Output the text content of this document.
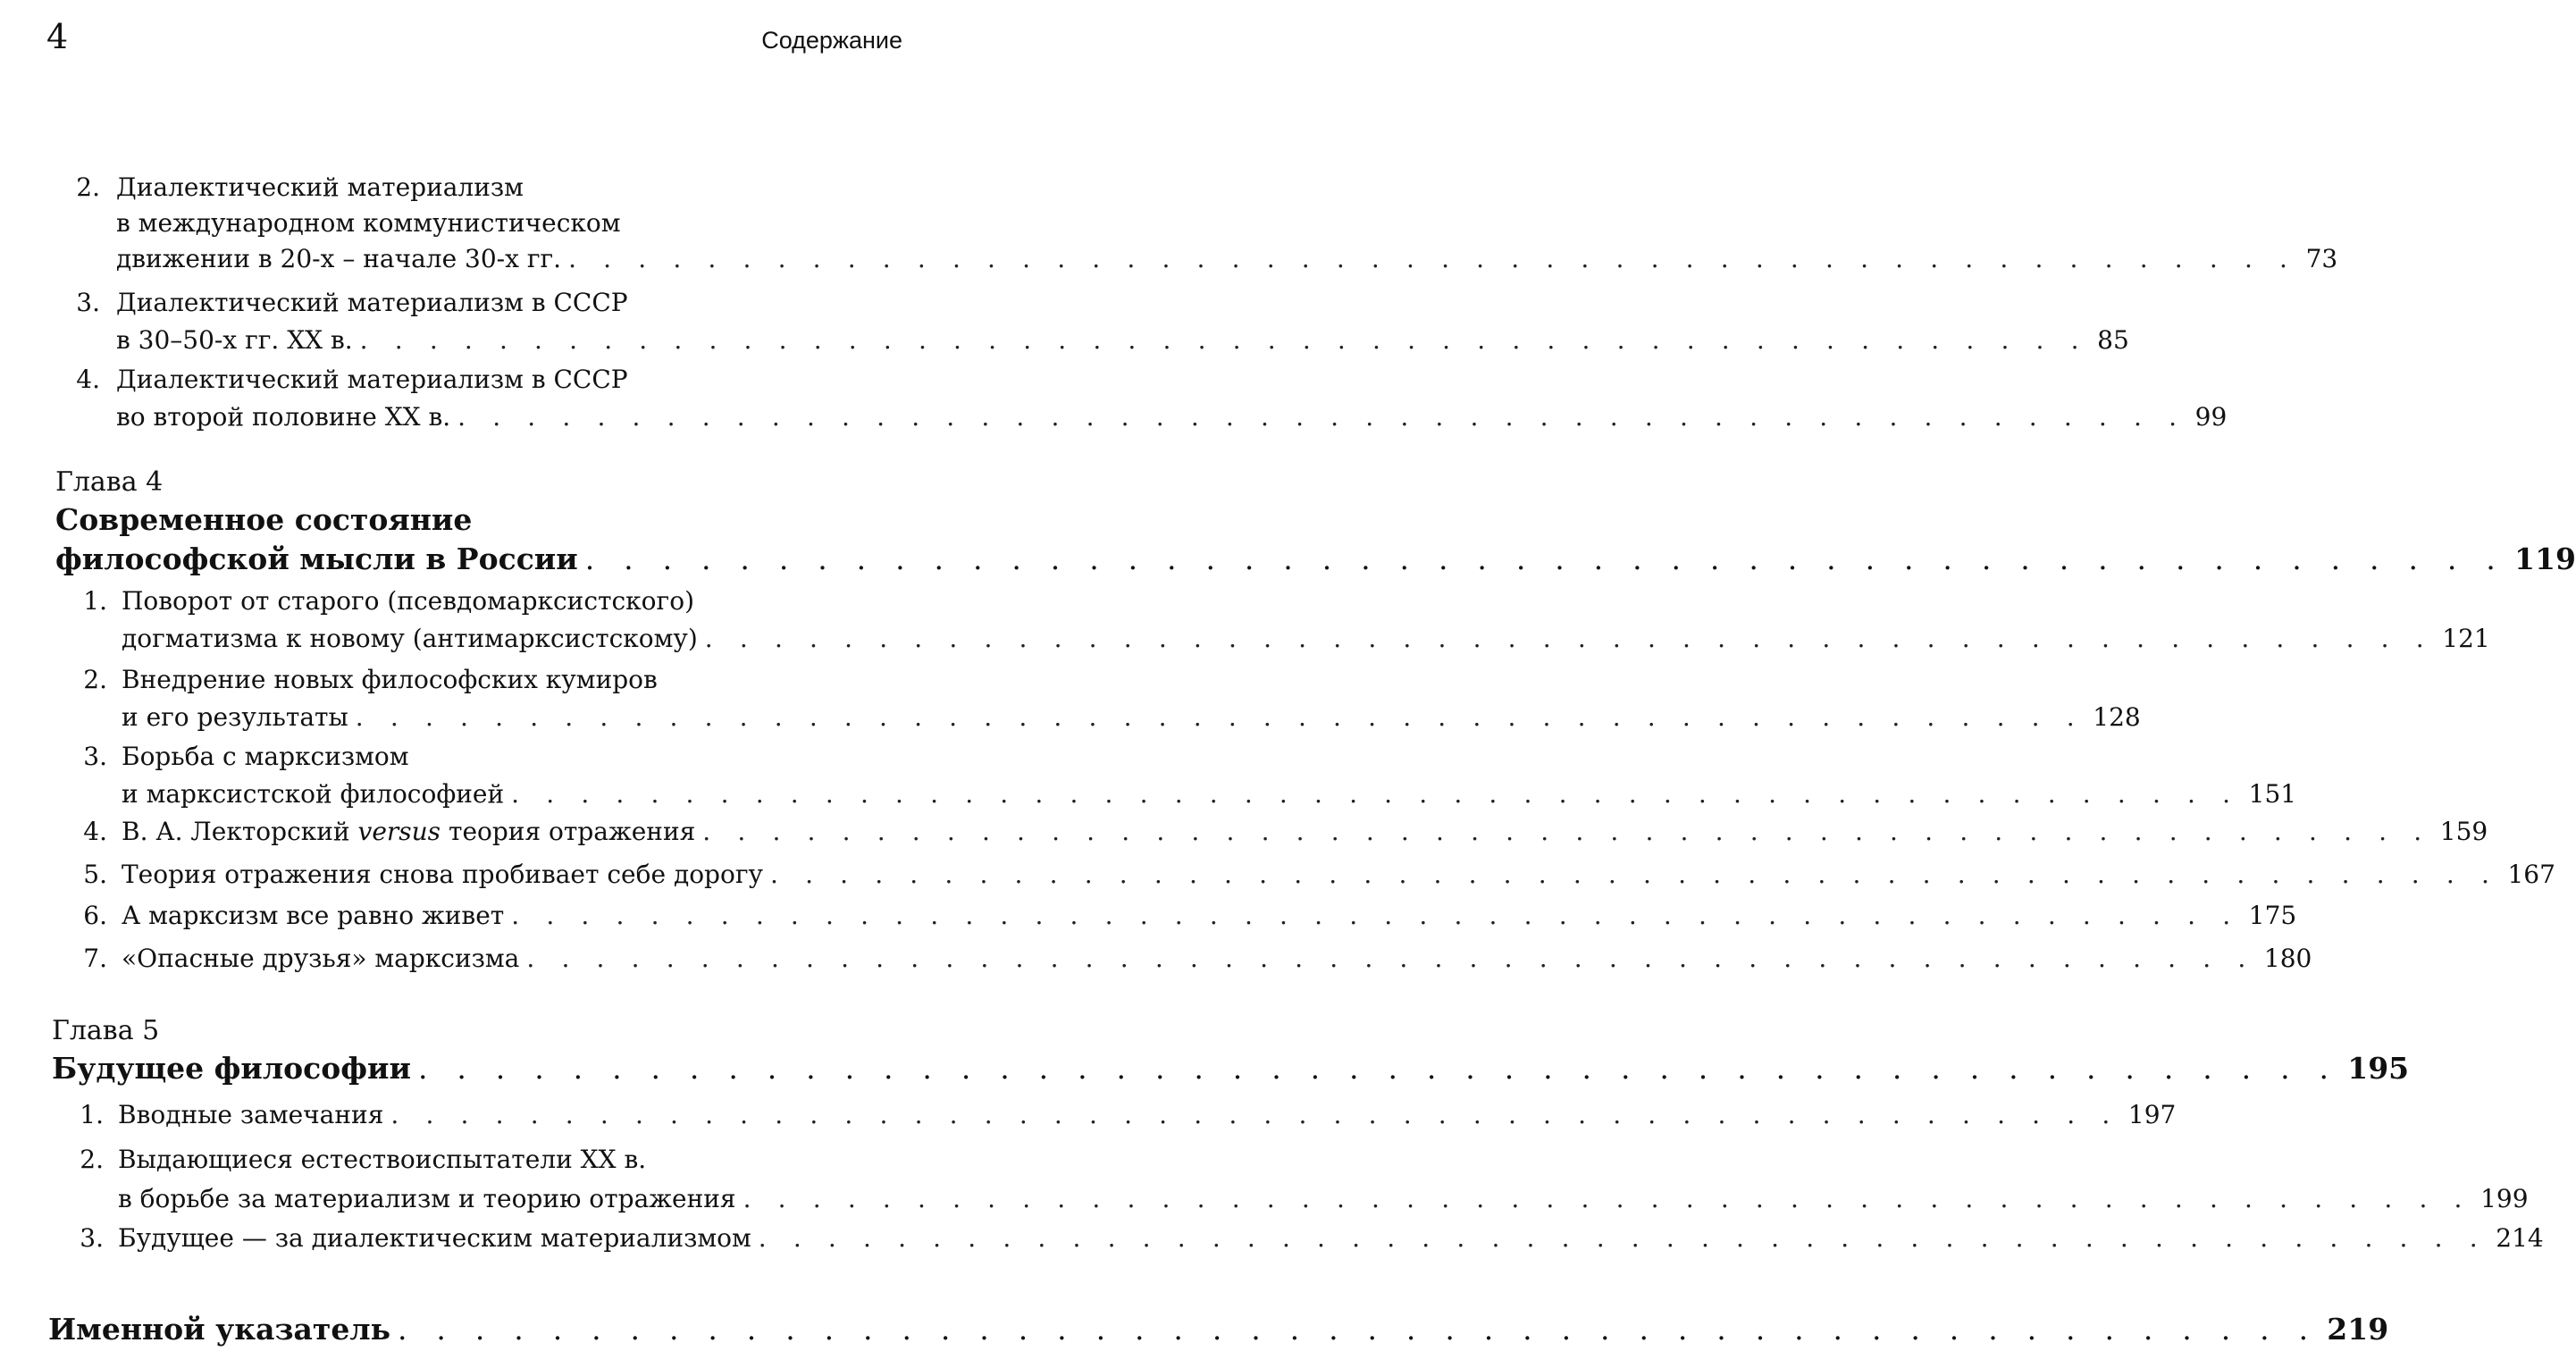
4	Содержание
2. Диалектический материализм
в международном коммунистическом
движении в 20-х – начале 30-х гг. . . . . . . . . . . . . . . . . . . . . . . . . . . . . . . . . . . . . . . . . . . . . . . . . . . 73
3. Диалектический материализм в СССР
в 30–50-х гг. XX в. . . . . . . . . . . . . . . . . . . . . . . . . . . . . . . . . . . . . . . . . . . . . . . . . . . 85
4. Диалектический материализм в СССР
во второй половине XX в. . . . . . . . . . . . . . . . . . . . . . . . . . . . . . . . . . . . . . . . . . . . . . . . . . . 99
Глава 4
Современное состояние
философской мысли в России . . . . . . . . . . . . . . . . . . . . . . . . . . . . . . . . . . . . . . . . . . . . . . . . . . 119
1. Поворот от старого (псевдомарксистского)
догматизма к новому (антимарксистскому) . . . . . . . . . . . . . . . . . . . . . . . . . . . . . . . . . . . . . . . . . . . . . . . . . . 121
2. Внедрение новых философских кумиров
и его результаты . . . . . . . . . . . . . . . . . . . . . . . . . . . . . . . . . . . . . . . . . . . . . . . . . . 128
3. Борьба с марксизмом
и марксистской философией . . . . . . . . . . . . . . . . . . . . . . . . . . . . . . . . . . . . . . . . . . . . . . . . . . 151
4. В. А. Лекторский versus теория отражения . . . . . . . . . . . . . . . . . . . . . . . . . . . . . . . . . . . . . . . . . . . . . . . . . . 159
5. Теория отражения снова пробивает себе дорогу . . . . . . . . . . . . . . . . . . . . . . . . . . . . . . . . . . . . . . . . . . . . . . . . . . 167
6. А марксизм все равно живет . . . . . . . . . . . . . . . . . . . . . . . . . . . . . . . . . . . . . . . . . . . . . . . . . . 175
7. «Опасные друзья» марксизма . . . . . . . . . . . . . . . . . . . . . . . . . . . . . . . . . . . . . . . . . . . . . . . . . . 180
Глава 5
Будущее философии . . . . . . . . . . . . . . . . . . . . . . . . . . . . . . . . . . . . . . . . . . . . . . . . . . 195
1. Вводные замечания . . . . . . . . . . . . . . . . . . . . . . . . . . . . . . . . . . . . . . . . . . . . . . . . . . 197
2. Выдающиеся естествоиспытатели XX в.
в борьбе за материализм и теорию отражения . . . . . . . . . . . . . . . . . . . . . . . . . . . . . . . . . . . . . . . . . . . . . . . . . . 199
3. Будущее — за диалектическим материализмом . . . . . . . . . . . . . . . . . . . . . . . . . . . . . . . . . . . . . . . . . . . . . . . . . . 214
Именной указатель . . . . . . . . . . . . . . . . . . . . . . . . . . . . . . . . . . . . . . . . . . . . . . . . . . 219
